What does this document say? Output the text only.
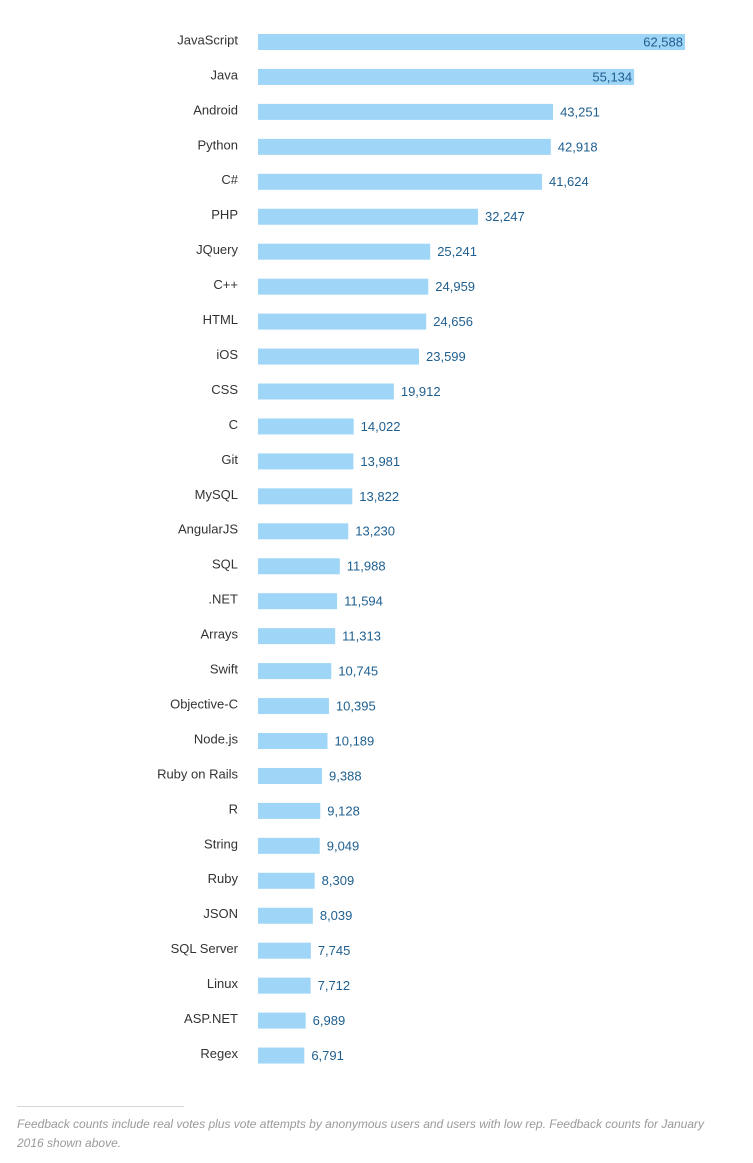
JavaScript	62,588
Java	55,134
Android	43,251
Python	42,918
C#	41,624
PHP	32,247
JQuery	25,241
C++	24,959
HTML	24,656
iOS	23,599
CSS	19,912
C	14,022
Git	13,981
MySQL	13,822
AngularJS	13,230
SQL	11,988
.NET	11,594
Arrays	11,313
Swift	10,745
Objective-C	10,395
Node.js	10,189
Ruby on Rails	9,388
R	9,128
String	9,049
Ruby	8,309
JSON	8,039
SQL Server	7,745
Linux	7,712
ASP.NET	6,989
Regex	6,791

Feedback counts include real votes plus vote attempts by anonymous users and users with low rep. Feedback counts for January 2016 shown above.
